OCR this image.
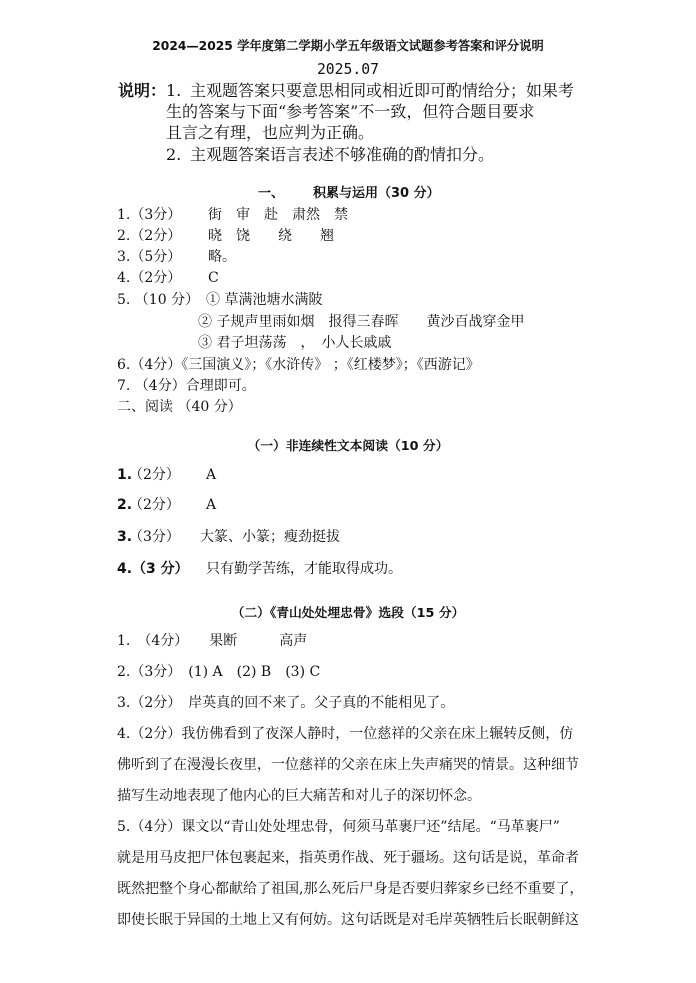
2024—2025 学年度第二学期小学五年级语文试题参考答案和评分说明
2025.07
说明： 1. 主观题答案只要意思相同或相近即可酌情给分；如果考
生的答案与下面“参考答案”不一致，但符合题目要求
且言之有理，也应判为正确。
2. 主观题答案语言表述不够准确的酌情扣分。
一、 积累与运用（30 分）
1.（3分） 街　审　赴　肃然　禁
2.（2分） 晓　饶　　绕　　翘
3.（5分） 略。
4.（2分） C
5. （10 分） ① 草满池塘水满陂
② 子规声里雨如烟　报得三春晖　　黄沙百战穿金甲
③ 君子坦荡荡　，　小人长戚戚
6.（4分）《三国演义》；《水浒传》 ；《红楼梦》；《西游记》
7. （4分）合理即可。
二、阅读 （40 分）
（一）非连续性文本阅读（10 分）
1.
（2分） A
2.
（2分） A
3.
（3分） 大篆、小篆；瘦劲挺拔
4.（3 分） 只有勤学苦练，才能取得成功。
（二）《青山处处埋忠骨》选段（15 分）
1.　（4分）　　果断　　　高声
2.（3分）　(1) A　(2) B　(3) C
3.（2分）　岸英真的回不来了。父子真的不能相见了。
4.（2分）我仿佛看到了夜深人静时，一位慈祥的父亲在床上辗转反侧，仿
佛听到了在漫漫长夜里，一位慈祥的父亲在床上失声痛哭的情景。这种细节
描写生动地表现了他内心的巨大痛苦和对儿子的深切怀念。
5.（4分）课文以“青山处处埋忠骨，何须马革裹尸还”结尾。“马革裹尸”
就是用马皮把尸体包裹起来，指英勇作战、死于疆场。这句话是说，革命者
既然把整个身心都献给了祖国,那么死后尸身是否要归葬家乡已经不重要了，
即使长眠于异国的土地上又有何妨。这句话既是对毛岸英牺牲后长眠朝鲜这
